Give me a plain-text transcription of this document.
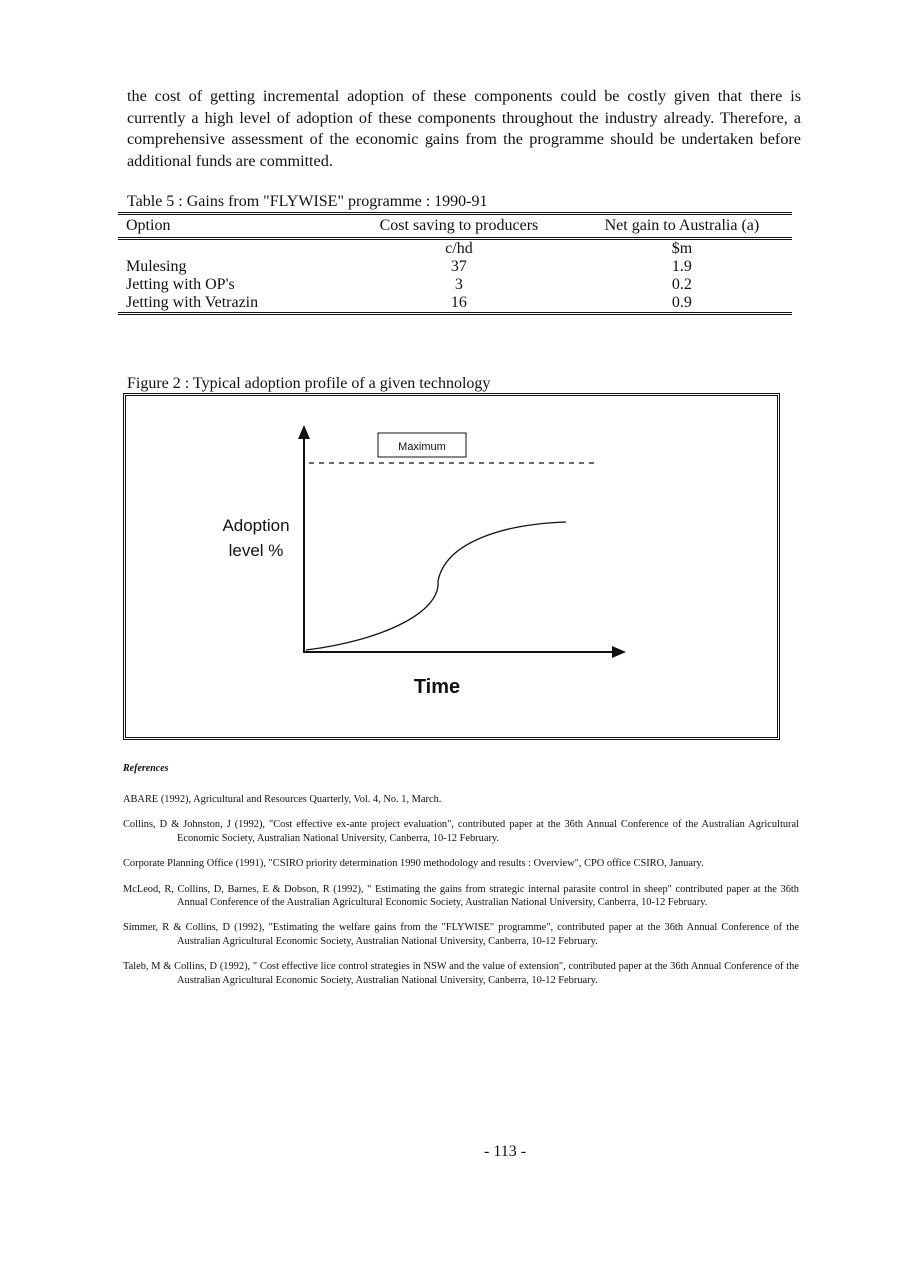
the cost of getting incremental adoption of these components could be costly given that there is currently a high level of adoption of these components throughout the industry already. Therefore, a comprehensive assessment of the economic gains from the programme should be undertaken before additional funds are committed.

Table 5 : Gains from "FLYWISE" programme : 1990-91
Option	Cost saving to producers	Net gain to Australia (a)
	c/hd	$m
Mulesing	37	1.9
Jetting with OP's	3	0.2
Jetting with Vetrazin	16	0.9
Figure 2 : Typical adoption profile of a given technology
Maximum
Adoption
level %
Time
References

ABARE (1992), Agricultural and Resources Quarterly, Vol. 4, No. 1, March.

Collins, D & Johnston, J (1992), "Cost effective ex-ante project evaluation", contributed paper at the 36th Annual Conference of the Australian Agricultural Economic Society, Australian National University, Canberra, 10-12 February.

Corporate Planning Office (1991), "CSIRO priority determination 1990 methodology and results : Overview", CPO office CSIRO, January.

McLeod, R, Collins, D, Barnes, E & Dobson, R (1992), " Estimating the gains from strategic internal parasite control in sheep" contributed paper at the 36th Annual Conference of the Australian Agricultural Economic Society, Australian National University, Canberra, 10-12 February.

Simmer, R & Collins, D (1992), "Estimating the welfare gains from the "FLYWISE" programme", contributed paper at the 36th Annual Conference of the Australian Agricultural Economic Society, Australian National University, Canberra, 10-12 February.

Taleb, M & Collins, D (1992), " Cost effective lice control strategies in NSW and the value of extension", contributed paper at the 36th Annual Conference of the Australian Agricultural Economic Society, Australian National University, Canberra, 10-12 February.

- 113 -
